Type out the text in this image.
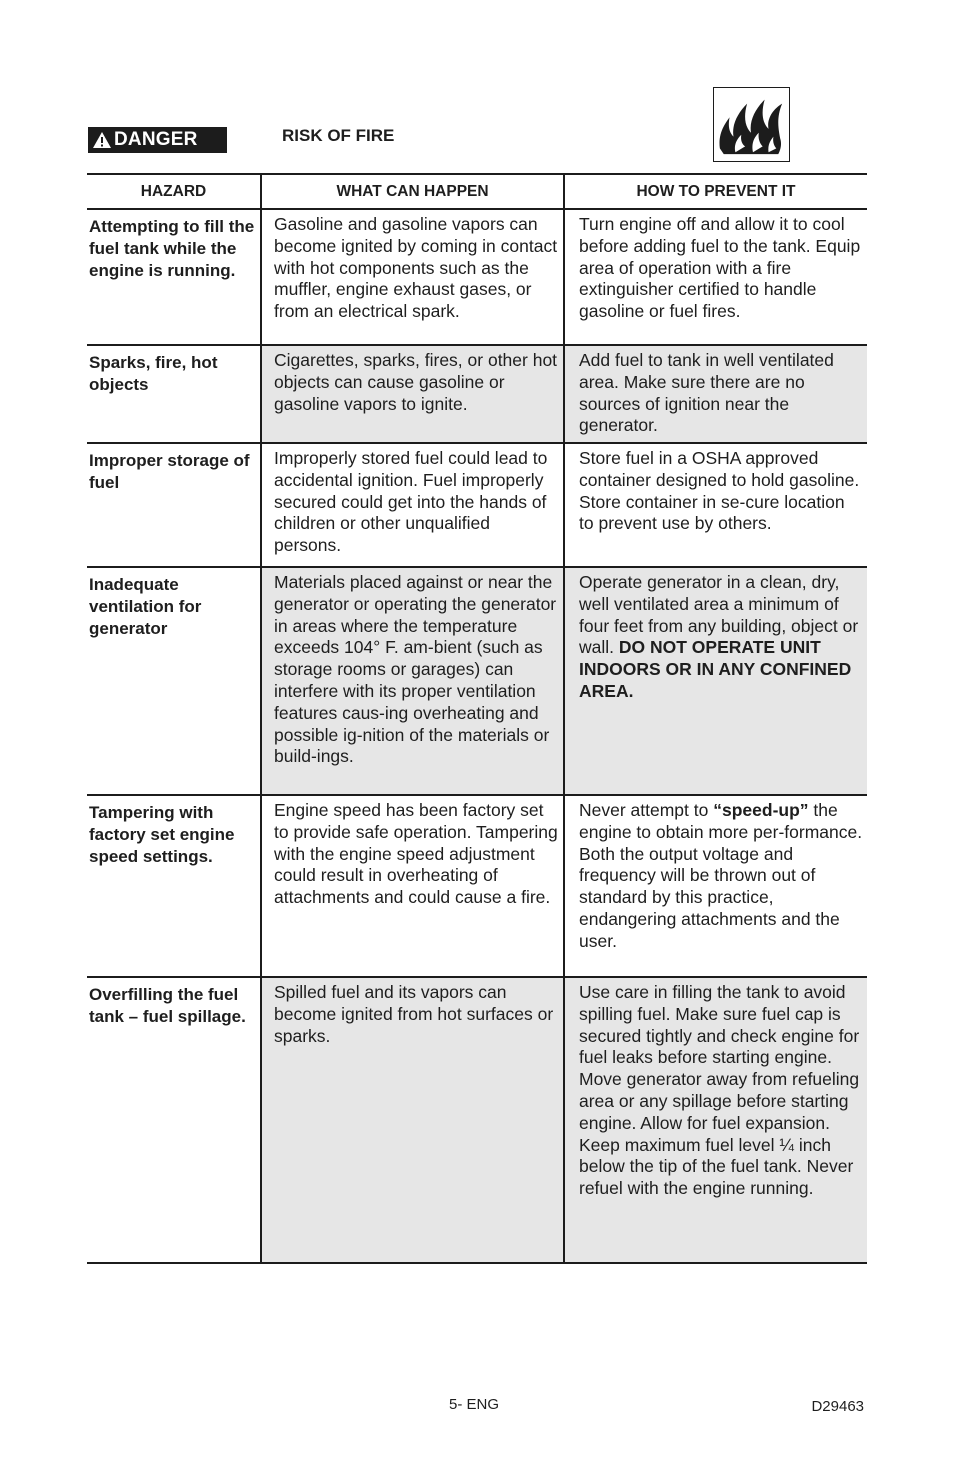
DANGER	RISK OF FIRE
HAZARD	WHAT CAN HAPPEN	HOW TO PREVENT IT
Attempting to fill the fuel tank while the engine is running.	Gasoline and gasoline vapors can become ignited by coming in contact with hot components such as the muffler, engine exhaust gases, or from an electrical spark.	Turn engine off and allow it to cool before adding fuel to the tank. Equip area of operation with a fire extinguisher certified to handle gasoline or fuel fires.
Sparks, fire, hot objects	Cigarettes, sparks, fires, or other hot objects can cause gasoline or gasoline vapors to ignite.	Add fuel to tank in well ventilated area. Make sure there are no sources of ignition near the generator.
Improper storage of fuel	Improperly stored fuel could lead to accidental ignition. Fuel improperly secured could get into the hands of children or other unqualified persons.	Store fuel in a OSHA approved container designed to hold gasoline. Store container in se-cure location to prevent use by others.
Inadequate ventilation for generator	Materials placed against or near the generator or operating the generator in areas where the temperature exceeds 104° F. am-bient (such as storage rooms or garages) can interfere with its proper ventilation features caus-ing overheating and possible ig-nition of the materials or build-ings.	Operate generator in a clean, dry, well ventilated area a minimum of four feet from any building, object or wall. DO NOT OPERATE UNIT INDOORS OR IN ANY CONFINED AREA.
Tampering with factory set engine speed settings.	Engine speed has been factory set to provide safe operation. Tampering with the engine speed adjustment could result in overheating of attachments and could cause a fire.	Never attempt to “speed-up” the engine to obtain more per-formance. Both the output voltage and frequency will be thrown out of standard by this practice, endangering attachments and the user.
Overfilling the fuel tank – fuel spillage.	Spilled fuel and its vapors can become ignited from hot surfaces or sparks.	Use care in filling the tank to avoid spilling fuel. Make sure fuel cap is secured tightly and check engine for fuel leaks before starting engine. Move generator away from refueling area or any spillage before starting engine. Allow for fuel expansion. Keep maximum fuel level ¼ inch below the tip of the fuel tank. Never refuel with the engine running.
5- ENG	D29463
